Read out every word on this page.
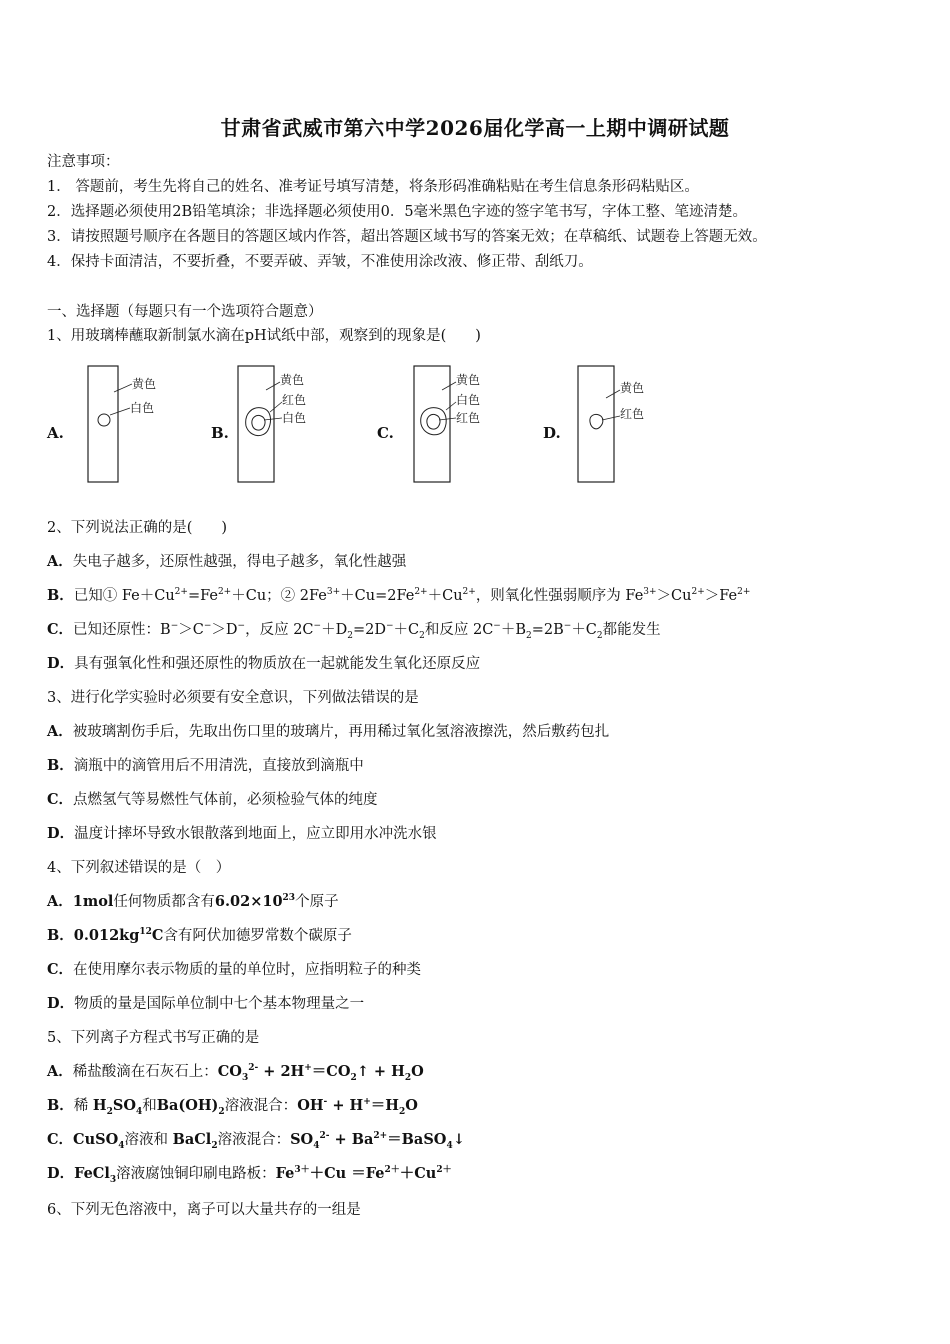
甘肃省武威市第六中学2026届化学高一上期中调研试题
注意事项：
1． 答题前，考生先将自己的姓名、准考证号填写清楚，将条形码准确粘贴在考生信息条形码粘贴区。
2．选择题必须使用2B铅笔填涂；非选择题必须使用0．5毫米黑色字迹的签字笔书写，字体工整、笔迹清楚。
3．请按照题号顺序在各题目的答题区域内作答，超出答题区域书写的答案无效；在草稿纸、试题卷上答题无效。
4．保持卡面清洁，不要折叠，不要弄破、弄皱，不准使用涂改液、修正带、刮纸刀。
一、选择题（每题只有一个选项符合题意）
1、用玻璃棒蘸取新制氯水滴在pH试纸中部，观察到的现象是(　　)
A.
黄色
白色
B.
黄色
红色
白色
C.
黄色
白色
红色
D.
黄色
红色
2、下列说法正确的是(　　)
A．失电子越多，还原性越强，得电子越多，氧化性越强
B．已知① $Fe+Cu^{2+}=Fe^{2+}+Cu$；② $2Fe^{3+}+Cu=2Fe^{2+}+Cu^{2+}$，则氧化性强弱顺序为 $Fe^{3+}>Cu^{2+}>Fe^{2+}$
C．已知还原性：B−＞C−＞D−，反应 $2C^-+D_2=2D^-+C_2$和反应 $2C^-+B_2=2B^-+C_2$都能发生
D．具有强氧化性和强还原性的物质放在一起就能发生氧化还原反应
3、进行化学实验时必须要有安全意识，下列做法错误的是
A．被玻璃割伤手后，先取出伤口里的玻璃片，再用稀过氧化氢溶液擦洗，然后敷药包扎
B．滴瓶中的滴管用后不用清洗，直接放到滴瓶中
C．点燃氢气等易燃性气体前，必须检验气体的纯度
D．温度计摔坏导致水银散落到地面上，应立即用水冲洗水银
4、下列叙述错误的是（　）
A．1mol任何物质都含有$6.02\times 10^{23}$个原子
B．$0.012kg^{12}C$含有阿伏加德罗常数个碳原子
C．在使用摩尔表示物质的量的单位时，应指明粒子的种类
D．物质的量是国际单位制中七个基本物理量之一
5、下列离子方程式书写正确的是
A．稀盐酸滴在石灰石上：$CO_3^{2-}$ + $2H^+=CO_2↑ + H_2O$
B．稀 $H_2SO_4$和$Ba(OH)_2$溶液混合：$OH^- + H^+=H_2O$
C．CuSO$_4$溶液和 BaCl$_2$溶液混合：$SO_4^{2-}$ + $Ba^{2+}=BaSO_4↓$
D．FeCl$_3$溶液腐蚀铜印刷电路板：$Fe^{3+}+Cu =Fe^{2+}+Cu^{2+}$
6、下列无色溶液中，离子可以大量共存的一组是
